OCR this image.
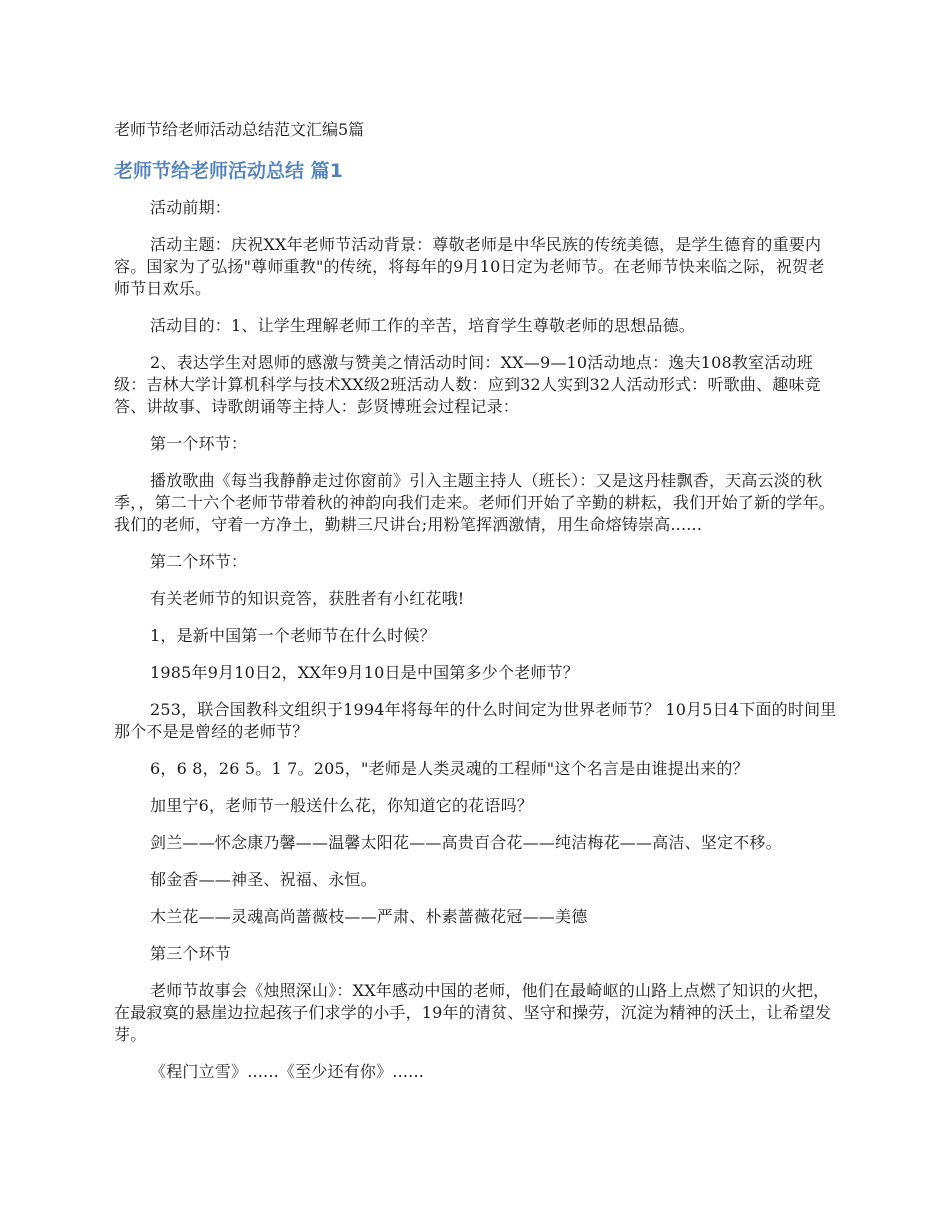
老师节给老师活动总结范文汇编5篇
老师节给老师活动总结 篇1

活动前期：

活动主题：庆祝XX年老师节活动背景：尊敬老师是中华民族的传统美德，是学生德育的重要内容。国家为了弘扬"尊师重教"的传统，将每年的9月10日定为老师节。在老师节快来临之际，祝贺老师节日欢乐。

活动目的：1、让学生理解老师工作的辛苦，培育学生尊敬老师的思想品德。

2、表达学生对恩师的感激与赞美之情活动时间：XX—9—10活动地点：逸夫108教室活动班级：吉林大学计算机科学与技术XX级2班活动人数：应到32人实到32人活动形式：听歌曲、趣味竞答、讲故事、诗歌朗诵等主持人：彭贤博班会过程记录：

第一个环节：

播放歌曲《每当我静静走过你窗前》引入主题主持人（班长）：又是这丹桂飘香，天高云淡的秋季，，第二十六个老师节带着秋的神韵向我们走来。老师们开始了辛勤的耕耘，我们开始了新的学年。我们的老师，守着一方净土，勤耕三尺讲台;用粉笔挥洒激情，用生命熔铸崇高......

第二个环节：

有关老师节的知识竞答，获胜者有小红花哦!

1，是新中国第一个老师节在什么时候？

1985年9月10日2，XX年9月10日是中国第多少个老师节？

253，联合国教科文组织于1994年将每年的什么时间定为世界老师节？ 10月5日4下面的时间里那个不是是曾经的老师节？

6，6 8，26 5。1 7。205，"老师是人类灵魂的工程师"这个名言是由谁提出来的？

加里宁6，老师节一般送什么花，你知道它的花语吗？

剑兰——怀念康乃馨——温馨太阳花——高贵百合花——纯洁梅花——高洁、坚定不移。

郁金香——神圣、祝福、永恒。

木兰花——灵魂高尚蔷薇枝——严肃、朴素蔷薇花冠——美德

第三个环节

老师节故事会《烛照深山》：XX年感动中国的老师，他们在最崎岖的山路上点燃了知识的火把，在最寂寞的悬崖边拉起孩子们求学的小手，19年的清贫、坚守和操劳，沉淀为精神的沃土，让希望发芽。

《程门立雪》......《至少还有你》......
